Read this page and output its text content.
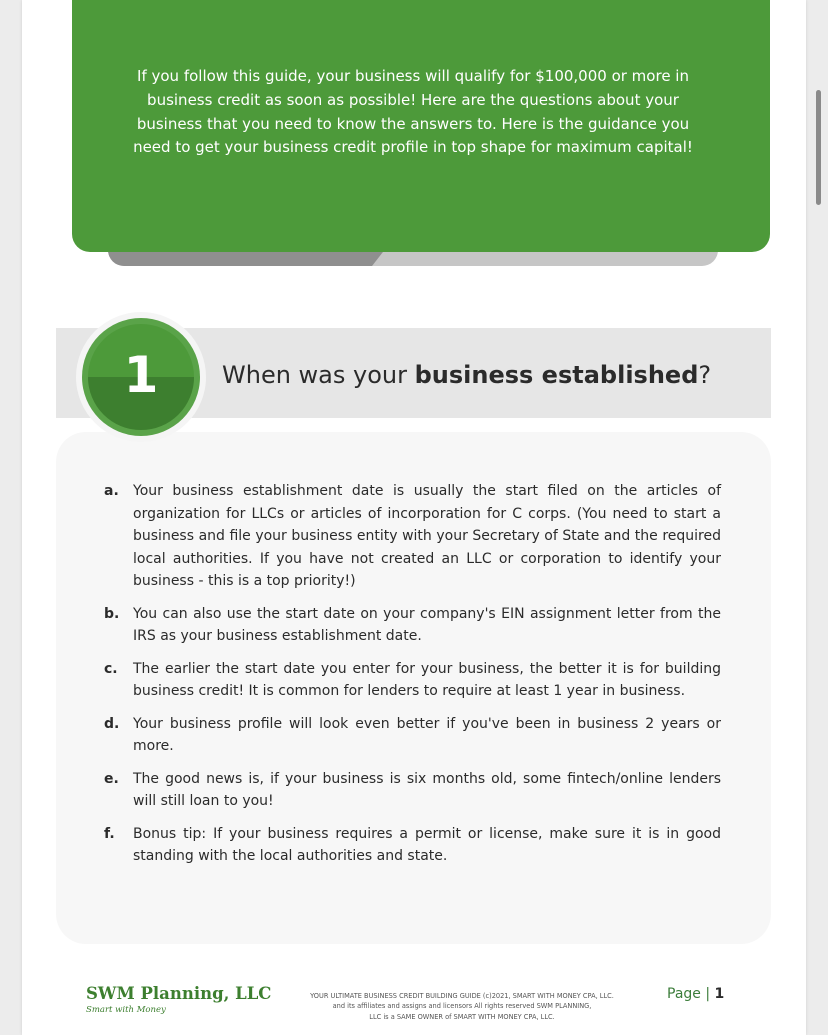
If you follow this guide, your business will qualify for $100,000 or more in business credit as soon as possible! Here are the questions about your business that you need to know the answers to. Here is the guidance you need to get your business credit profile in top shape for maximum capital!
1	When was your business established?
a. Your business establishment date is usually the start filed on the articles of organization for LLCs or articles of incorporation for C corps. (You need to start a business and file your business entity with your Secretary of State and the required local authorities. If you have not created an LLC or corporation to identify your business - this is a top priority!)
b. You can also use the start date on your company's EIN assignment letter from the IRS as your business establishment date.
c. The earlier the start date you enter for your business, the better it is for building business credit! It is common for lenders to require at least 1 year in business.
d. Your business profile will look even better if you've been in business 2 years or more.
e. The good news is, if your business is six months old, some fintech/online lenders will still loan to you!
f. Bonus tip: If your business requires a permit or license, make sure it is in good standing with the local authorities and state.
SWM Planning, LLC
Smart with Money
YOUR ULTIMATE BUSINESS CREDIT BUILDING GUIDE (c)2021, SMART WITH MONEY CPA, LLC.
and its affiliates and assigns and licensors All rights reserved SWM PLANNING,
LLC is a SAME OWNER of SMART WITH MONEY CPA, LLC.
Page | 1
